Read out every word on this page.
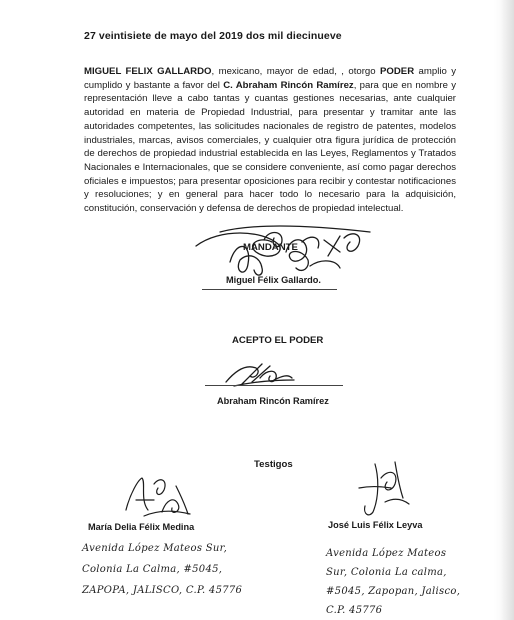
27 veintisiete de mayo del 2019 dos mil diecinueve
MIGUEL FELIX GALLARDO, mexicano, mayor de edad, , otorgo PODER amplio y cumplido y bastante a favor del C. Abraham Rincón Ramírez, para que en nombre y representación lleve a cabo tantas y cuantas gestiones necesarias, ante cualquier autoridad en materia de Propiedad Industrial, para presentar y tramitar ante las autoridades competentes, las solicitudes nacionales de registro de patentes, modelos industriales, marcas, avisos comerciales, y cualquier otra figura jurídica de protección de derechos de propiedad industrial establecida en las Leyes, Reglamentos y Tratados Nacionales e Internacionales, que se considere conveniente, así como pagar derechos oficiales e impuestos; para presentar oposiciones para recibir y contestar notificaciones y resoluciones; y en general para hacer todo lo necesario para la adquisición, constitución, conservación y defensa de derechos de propiedad intelectual.
MANDANTE
Miguel Félix Gallardo.
ACEPTO EL PODER
Abraham Rincón Ramírez
Testigos
María Delia Félix Medina
Avenida López Mateos Sur,
Colonia La Calma, #5045,
ZAPOPA, JALISCO, C.P. 45776
José Luis Félix Leyva
Avenida López Mateos
Sur, Colonia La calma,
#5045, Zapopan, Jalisco,
C.P. 45776
